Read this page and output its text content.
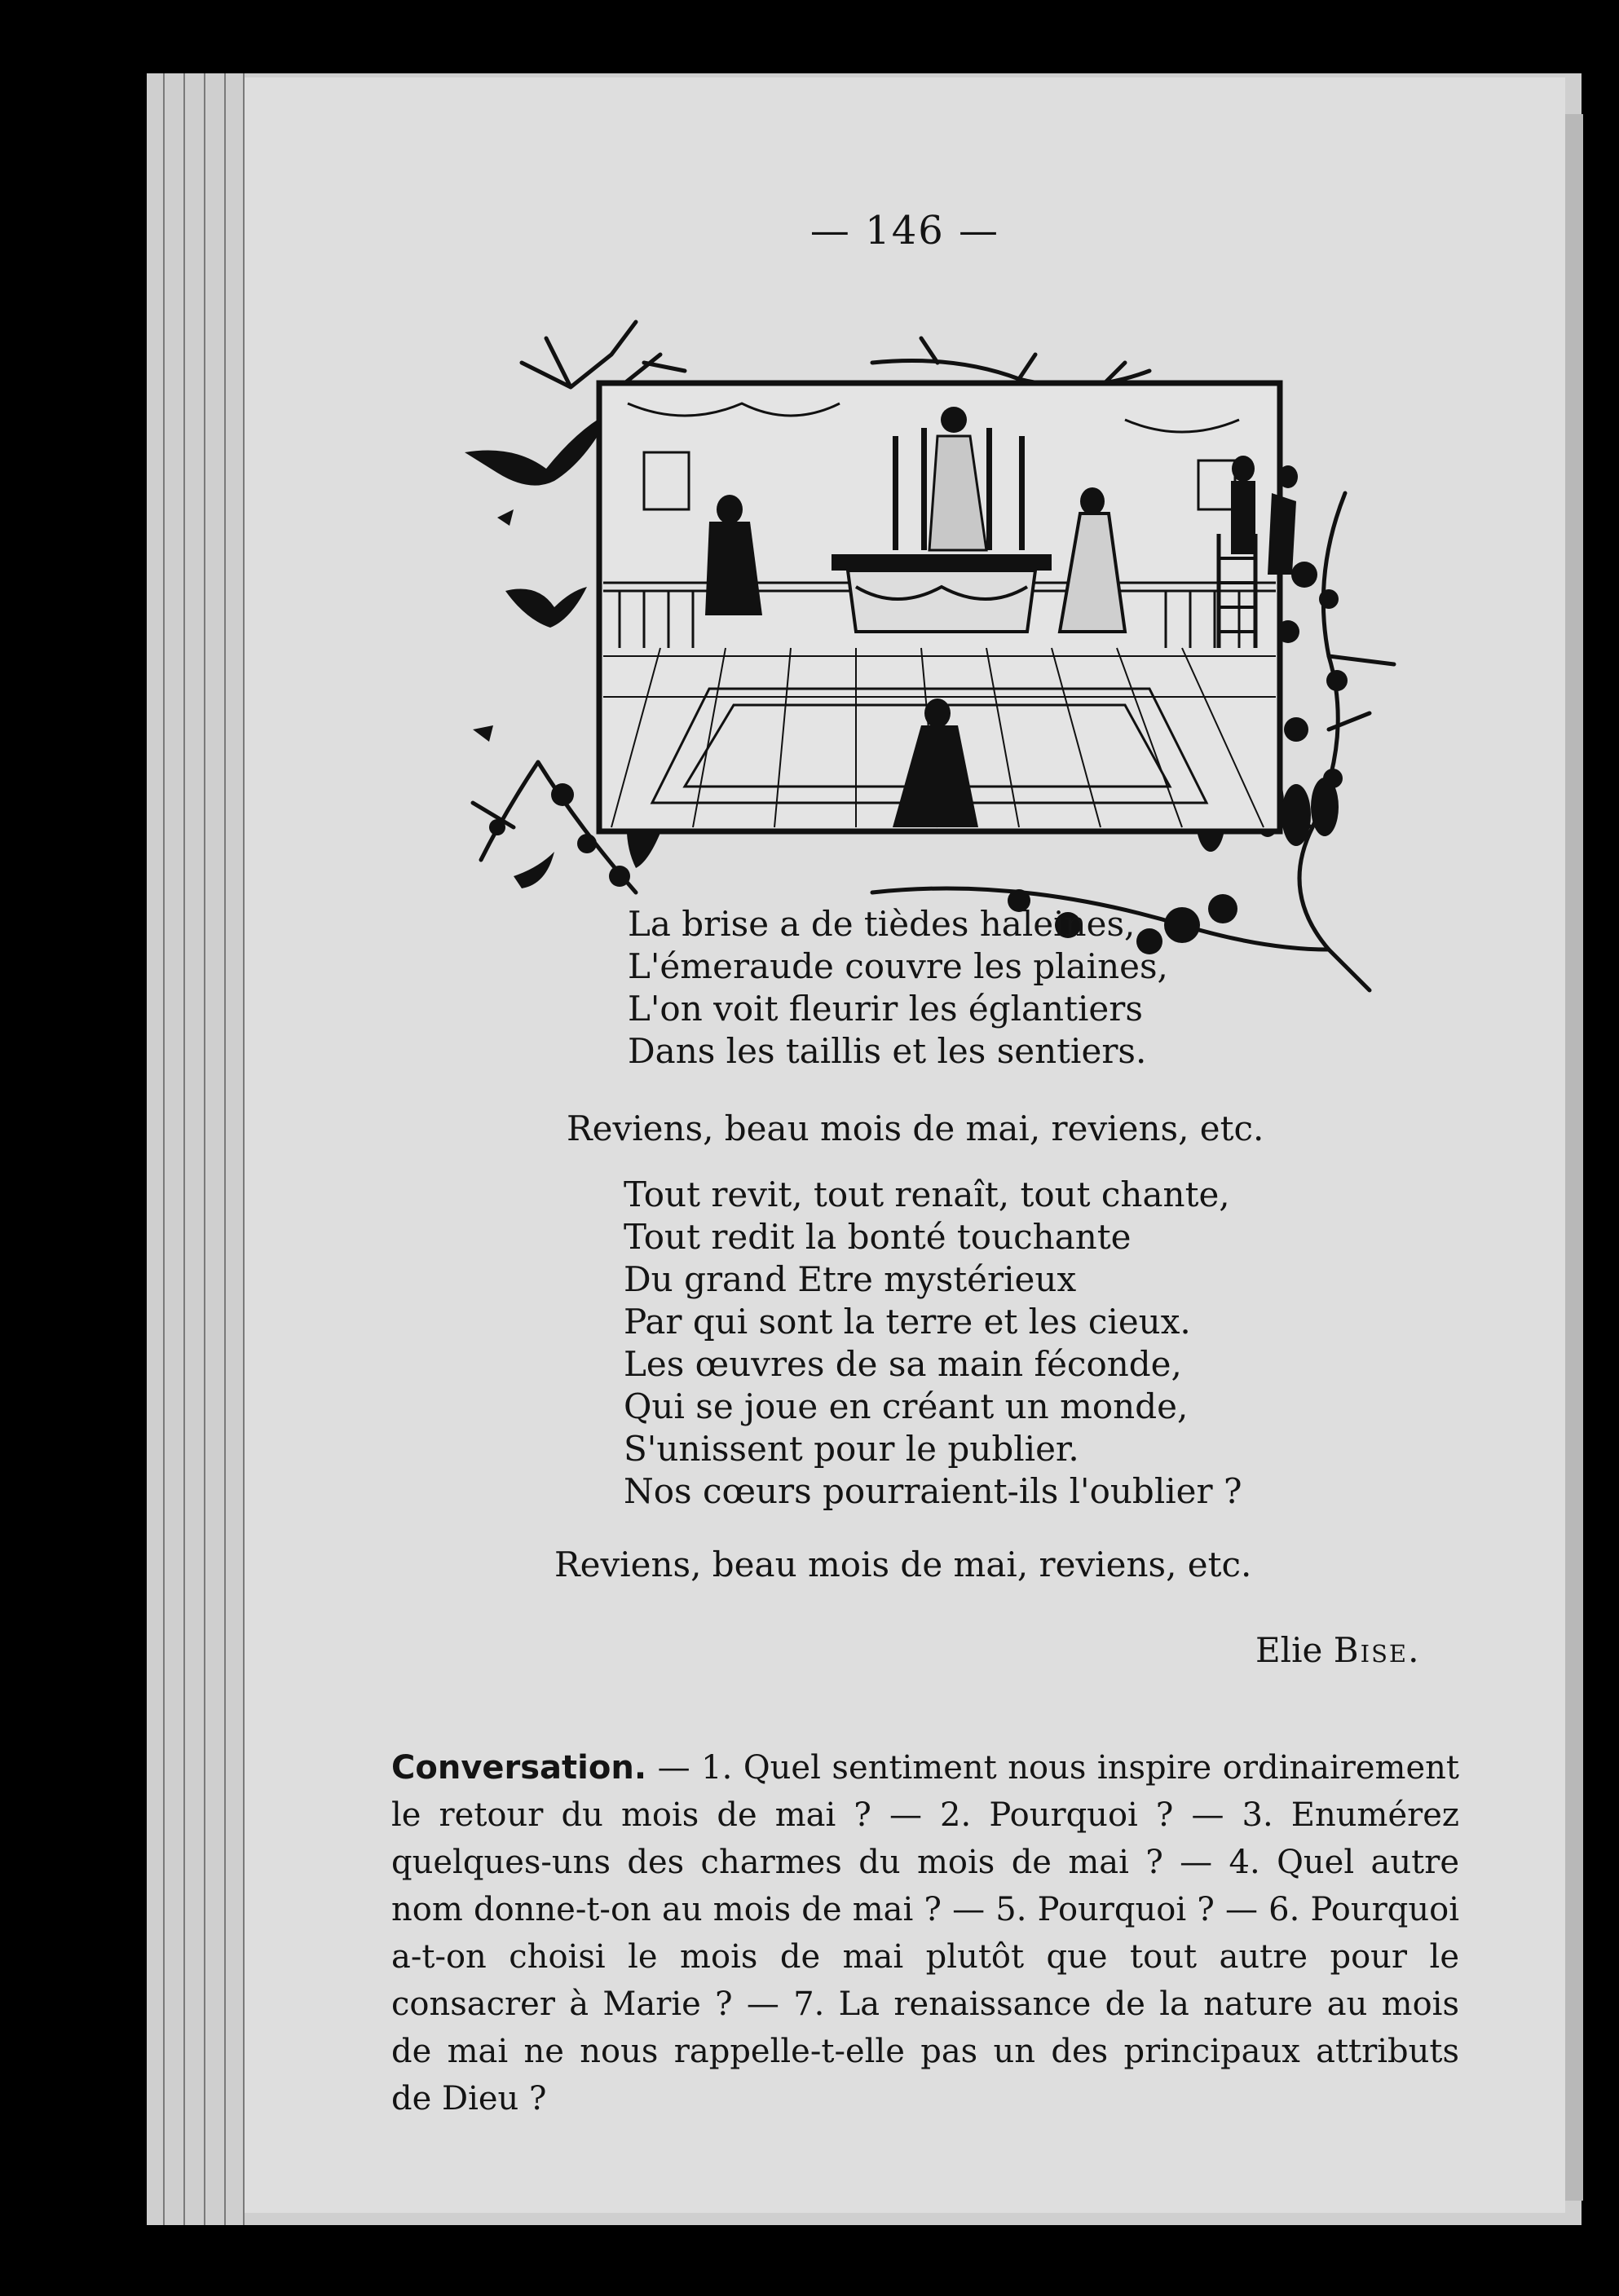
— 146 —
La brise a de tièdes haleines,
L'émeraude couvre les plaines,
L'on voit fleurir les églantiers
Dans les taillis et les sentiers.
Reviens, beau mois de mai, reviens, etc.
Tout revit, tout renaît, tout chante,
Tout redit la bonté touchante
Du grand Etre mystérieux
Par qui sont la terre et les cieux.
Les œuvres de sa main féconde,
Qui se joue en créant un monde,
S'unissent pour le publier.
Nos cœurs pourraient-ils l'oublier ?
Reviens, beau mois de mai, reviens, etc.
Elie Bise.
Conversation. — 1. Quel sentiment nous inspire ordinairement le retour du mois de mai ? — 2. Pourquoi ? — 3. Enumérez quelques-uns des charmes du mois de mai ? — 4. Quel autre nom donne-t-on au mois de mai ? — 5. Pourquoi ? — 6. Pourquoi a-t-on choisi le mois de mai plutôt que tout autre pour le consacrer à Marie ? — 7. La renaissance de la nature au mois de mai ne nous rappelle-t-elle pas un des principaux attributs de Dieu ?
